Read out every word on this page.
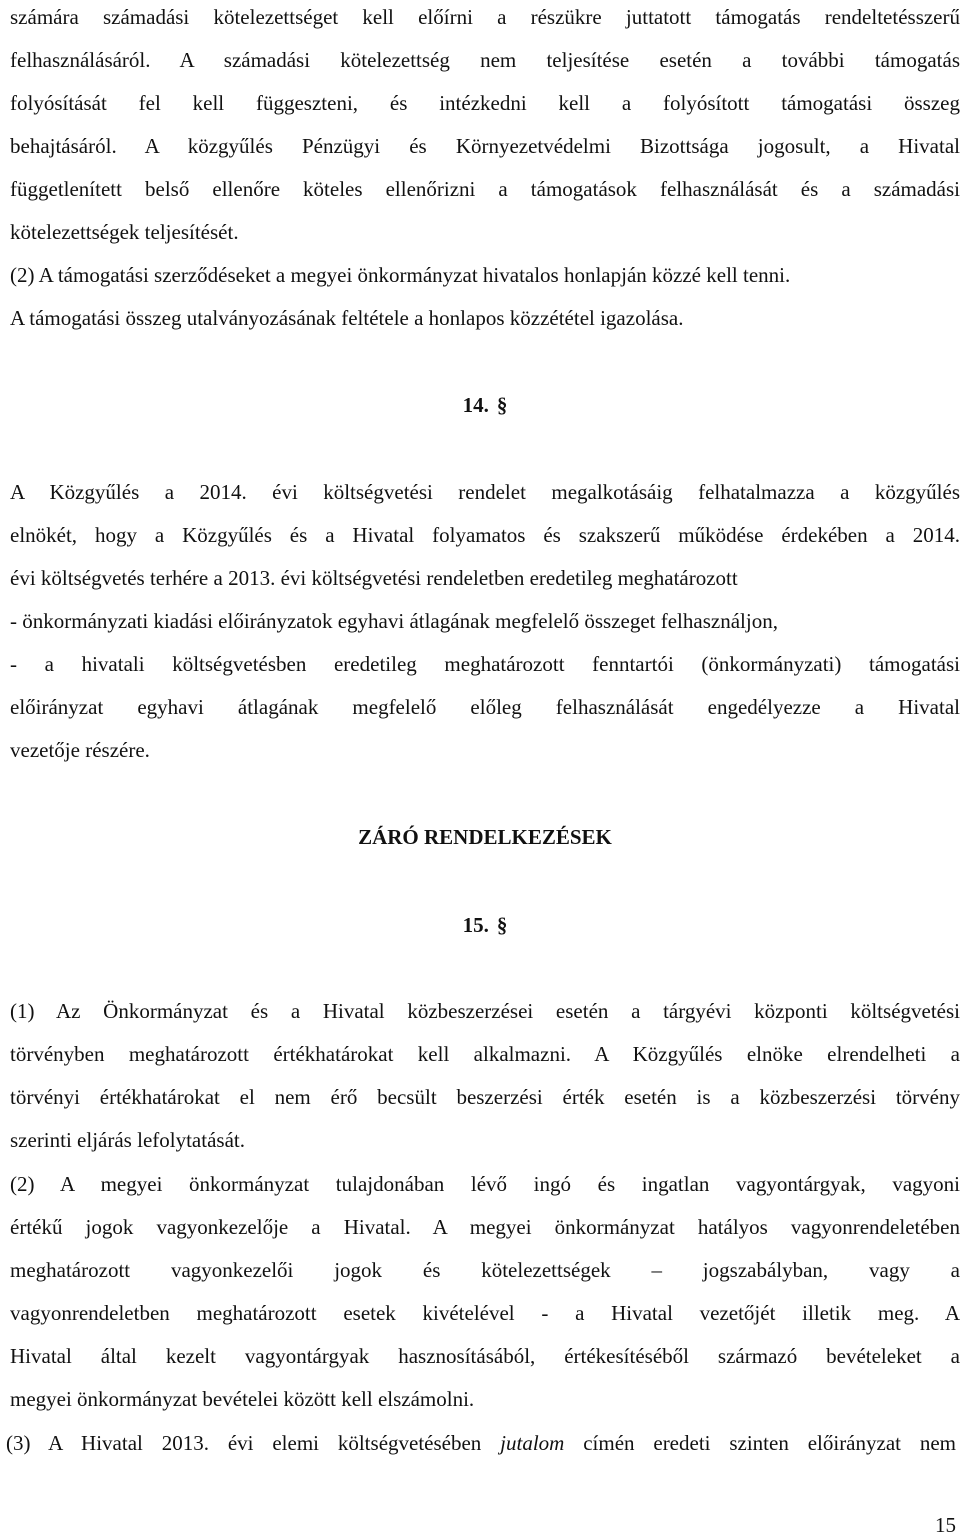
számára számadási kötelezettséget kell előírni a részükre juttatott támogatás rendeltetésszerű
felhasználásáról. A számadási kötelezettség nem teljesítése esetén a további támogatás
folyósítását fel kell függeszteni, és intézkedni kell a folyósított támogatási összeg
behajtásáról. A közgyűlés Pénzügyi és Környezetvédelmi Bizottsága jogosult, a Hivatal
függetlenített belső ellenőre köteles ellenőrizni a támogatások felhasználását és a számadási
kötelezettségek teljesítését.
(2) A támogatási szerződéseket a megyei önkormányzat hivatalos honlapján közzé kell tenni.
A támogatási összeg utalványozásának feltétele a honlapos közzététel igazolása.
14. §
A Közgyűlés a 2014. évi költségvetési rendelet megalkotásáig felhatalmazza a közgyűlés
elnökét, hogy a Közgyűlés és a Hivatal folyamatos és szakszerű működése érdekében a 2014.
évi költségvetés terhére a 2013. évi költségvetési rendeletben eredetileg meghatározott
- önkormányzati kiadási előirányzatok egyhavi átlagának megfelelő összeget felhasználjon,
- a hivatali költségvetésben eredetileg meghatározott fenntartói (önkormányzati) támogatási
előirányzat egyhavi átlagának megfelelő előleg felhasználását engedélyezze a Hivatal
vezetője részére.
ZÁRÓ RENDELKEZÉSEK
15. §
(1) Az Önkormányzat és a Hivatal közbeszerzései esetén a tárgyévi központi költségvetési
törvényben meghatározott értékhatárokat kell alkalmazni. A Közgyűlés elnöke elrendelheti a
törvényi értékhatárokat el nem érő becsült beszerzési érték esetén is a közbeszerzési törvény
szerinti eljárás lefolytatását.
(2) A megyei önkormányzat tulajdonában lévő ingó és ingatlan vagyontárgyak, vagyoni
értékű jogok vagyonkezelője a Hivatal. A megyei önkormányzat hatályos vagyonrendeletében
meghatározott vagyonkezelői jogok és kötelezettségek – jogszabályban, vagy a
vagyonrendeletben meghatározott esetek kivételével - a Hivatal vezetőjét illetik meg. A
Hivatal által kezelt vagyontárgyak hasznosításából, értékesítéséből származó bevételeket a
megyei önkormányzat bevételei között kell elszámolni.
(3) A Hivatal 2013. évi elemi költségvetésében jutalom címén eredeti szinten előirányzat nem
15
